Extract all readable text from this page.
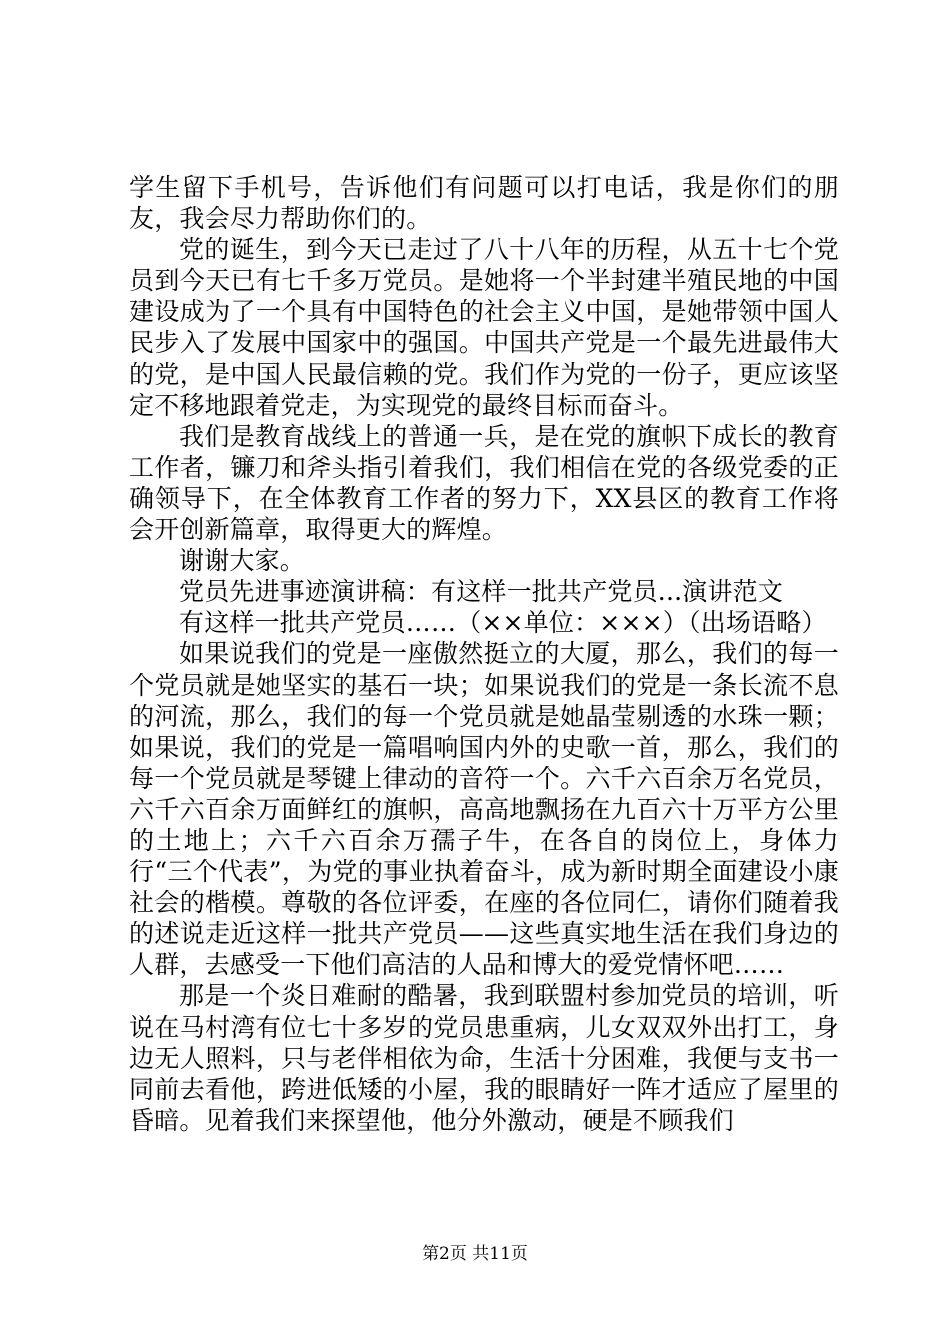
学生留下手机号，告诉他们有问题可以打电话，我是你们的朋友，我会尽力帮助你们的。

党的诞生，到今天已走过了八十八年的历程，从五十七个党员到今天已有七千多万党员。是她将一个半封建半殖民地的中国建设成为了一个具有中国特色的社会主义中国，是她带领中国人民步入了发展中国家中的强国。中国共产党是一个最先进最伟大的党，是中国人民最信赖的党。我们作为党的一份子，更应该坚定不移地跟着党走，为实现党的最终目标而奋斗。

我们是教育战线上的普通一兵，是在党的旗帜下成长的教育工作者，镰刀和斧头指引着我们，我们相信在党的各级党委的正确领导下，在全体教育工作者的努力下，XX县区的教育工作将会开创新篇章，取得更大的辉煌。

谢谢大家。

党员先进事迹演讲稿：有这样一批共产党员...演讲范文

有这样一批共产党员……（××单位：×××）（出场语略）

如果说我们的党是一座傲然挺立的大厦，那么，我们的每一个党员就是她坚实的基石一块；如果说我们的党是一条长流不息的河流，那么，我们的每一个党员就是她晶莹剔透的水珠一颗；如果说，我们的党是一篇唱响国内外的史歌一首，那么，我们的每一个党员就是琴键上律动的音符一个。六千六百余万名党员，六千六百余万面鲜红的旗帜，高高地飘扬在九百六十万平方公里的土地上；六千六百余万孺子牛，在各自的岗位上，身体力行“三个代表”，为党的事业执着奋斗，成为新时期全面建设小康社会的楷模。尊敬的各位评委，在座的各位同仁，请你们随着我的述说走近这样一批共产党员——这些真实地生活在我们身边的人群，去感受一下他们高洁的人品和博大的爱党情怀吧……

那是一个炎日难耐的酷暑，我到联盟村参加党员的培训，听说在马村湾有位七十多岁的党员患重病，儿女双双外出打工，身边无人照料，只与老伴相依为命，生活十分困难，我便与支书一同前去看他，跨进低矮的小屋，我的眼睛好一阵才适应了屋里的昏暗。见着我们来探望他，他分外激动，硬是不顾我们

第2页 共11页
